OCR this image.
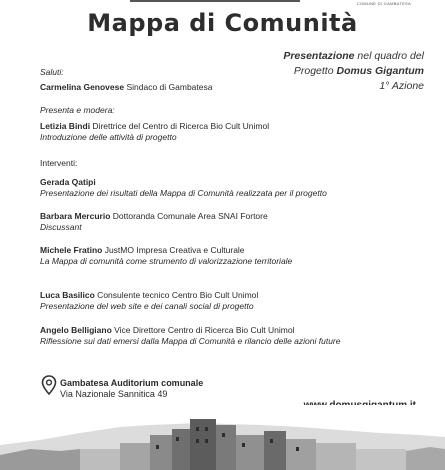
COMUNE DI GAMBATESA
Mappa di Comunità
Presentazione nel quadro del
Progetto Domus Gigantum
1° Azione
Saluti:
Carmelina Genovese Sindaco di Gambatesa
Presenta e modera:
Letizia Bindi Direttrice del Centro di Ricerca Bio Cult Unimol
Introduzione delle attività di progetto
Interventi:
Gerada Qatipi
Presentazione dei risultati della Mappa di Comunità realizzata per il progetto
Barbara Mercurio Dottoranda Comunale Area SNAI Fortore
Discussant
Michele Fratino JustMO Impresa Creativa e Culturale
La Mappa di comunità come strumento di valorizzazione territoriale
Luca Basilico Consulente tecnico Centro Bio Cult Unimol
Presentazione del web site e dei canali social di progetto
Angelo Belligiano Vice Direttore Centro di Ricerca Bio Cult Unimol
Riflessione sui dati emersi dalla Mappa di Comunità e rilancio delle azioni future
Gambatesa Auditorium comunale
Via Nazionale Sannitica 49
